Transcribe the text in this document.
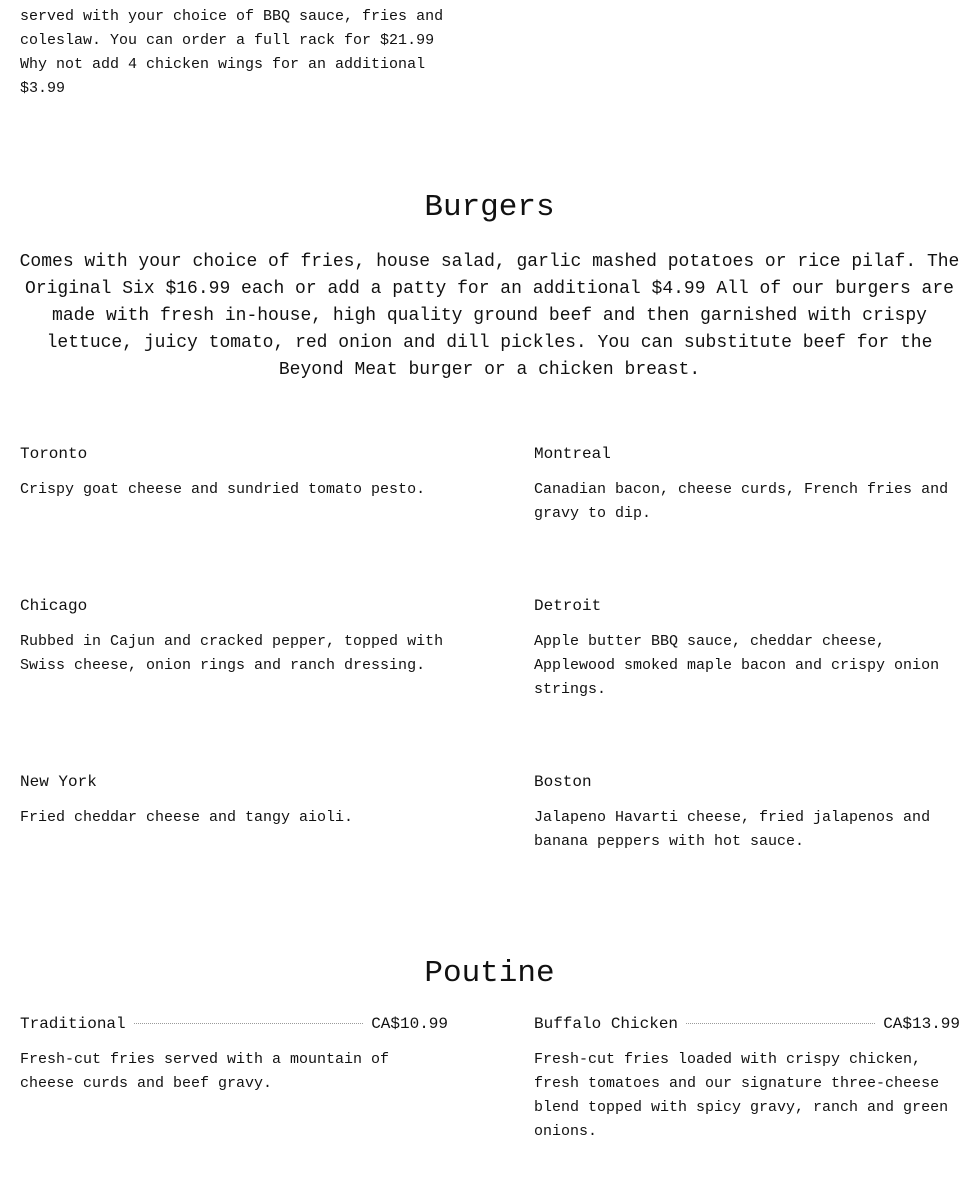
served with your choice of BBQ sauce, fries and
coleslaw. You can order a full rack for $21.99
Why not add 4 chicken wings for an additional
$3.99

Burgers

Comes with your choice of fries, house salad, garlic mashed potatoes or rice pilaf. The Original Six $16.99 each or add a patty for an additional $4.99 All of our burgers are made with fresh in-house, high quality ground beef and then garnished with crispy lettuce, juicy tomato, red onion and dill pickles. You can substitute beef for the Beyond Meat burger or a chicken breast.

Toronto

Crispy goat cheese and sundried tomato pesto.

Montreal

Canadian bacon, cheese curds, French fries and gravy to dip.

Chicago

Rubbed in Cajun and cracked pepper, topped with Swiss cheese, onion rings and ranch dressing.

Detroit

Apple butter BBQ sauce, cheddar cheese, Applewood smoked maple bacon and crispy onion strings.

New York

Fried cheddar cheese and tangy aioli.

Boston

Jalapeno Havarti cheese, fried jalapenos and banana peppers with hot sauce.

Poutine
Traditional	CA$10.99

Fresh-cut fries served with a mountain of cheese curds and beef gravy.

Buffalo Chicken	CA$13.99

Fresh-cut fries loaded with crispy chicken, fresh tomatoes and our signature three-cheese blend topped with spicy gravy, ranch and green onions.
